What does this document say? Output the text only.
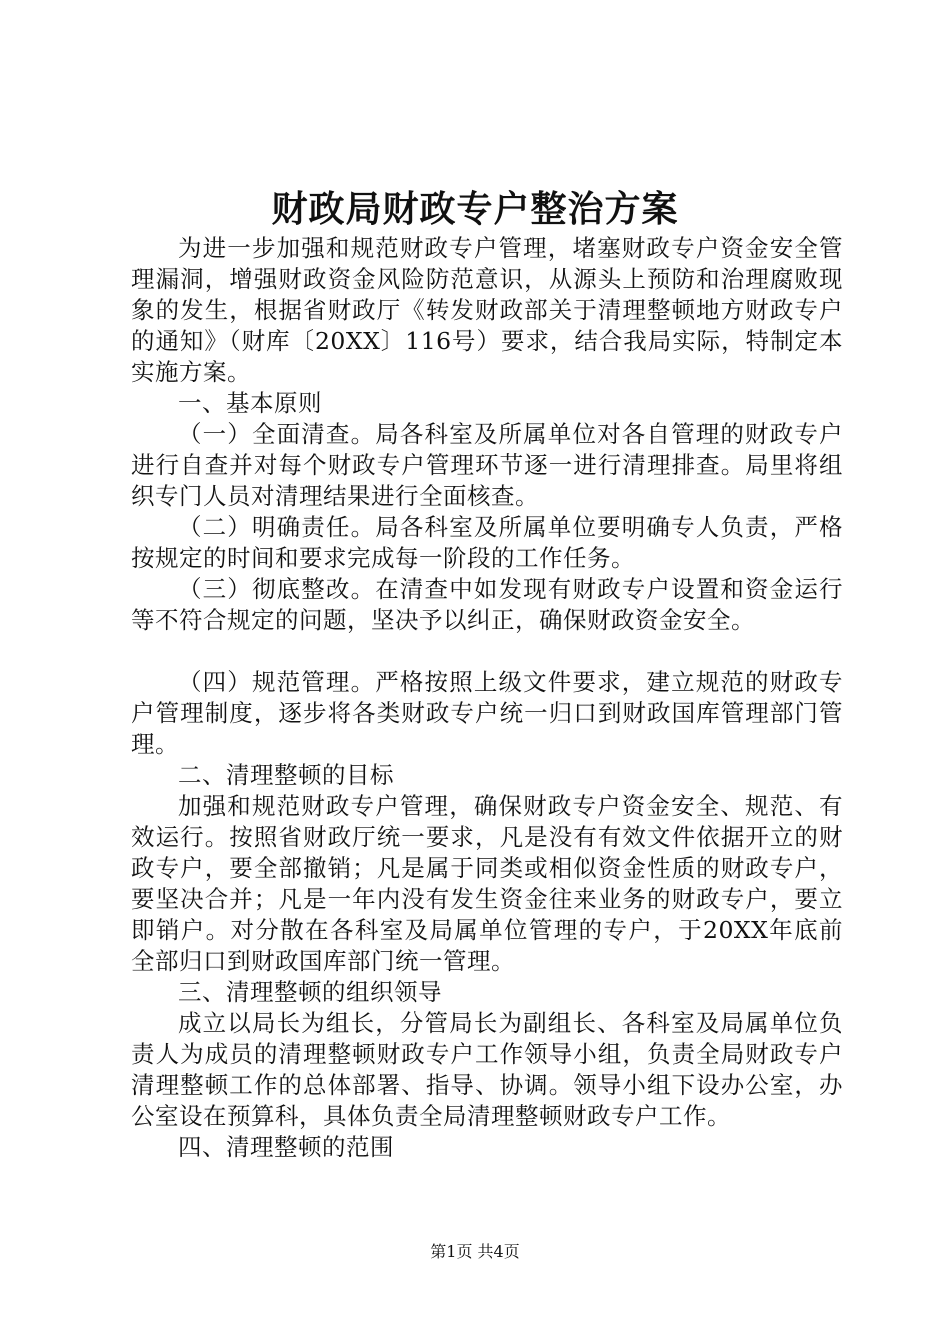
财政局财政专户整治方案

为进一步加强和规范财政专户管理，堵塞财政专户资金安全管理漏洞，增强财政资金风险防范意识，从源头上预防和治理腐败现象的发生，根据省财政厅《转发财政部关于清理整顿地方财政专户的通知》（财库〔20XX〕116号）要求，结合我局实际，特制定本实施方案。

一、基本原则

（一）全面清查。局各科室及所属单位对各自管理的财政专户进行自查并对每个财政专户管理环节逐一进行清理排查。局里将组织专门人员对清理结果进行全面核查。

（二）明确责任。局各科室及所属单位要明确专人负责，严格按规定的时间和要求完成每一阶段的工作任务。

（三）彻底整改。在清查中如发现有财政专户设置和资金运行等不符合规定的问题，坚决予以纠正，确保财政资金安全。

（四）规范管理。严格按照上级文件要求，建立规范的财政专户管理制度，逐步将各类财政专户统一归口到财政国库管理部门管理。

二、清理整顿的目标

加强和规范财政专户管理，确保财政专户资金安全、规范、有效运行。按照省财政厅统一要求，凡是没有有效文件依据开立的财政专户，要全部撤销；凡是属于同类或相似资金性质的财政专户，要坚决合并；凡是一年内没有发生资金往来业务的财政专户，要立即销户。对分散在各科室及局属单位管理的专户，于20XX年底前全部归口到财政国库部门统一管理。

三、清理整顿的组织领导

成立以局长为组长，分管局长为副组长、各科室及局属单位负责人为成员的清理整顿财政专户工作领导小组，负责全局财政专户清理整顿工作的总体部署、指导、协调。领导小组下设办公室，办公室设在预算科，具体负责全局清理整顿财政专户工作。

四、清理整顿的范围

第1页 共4页
